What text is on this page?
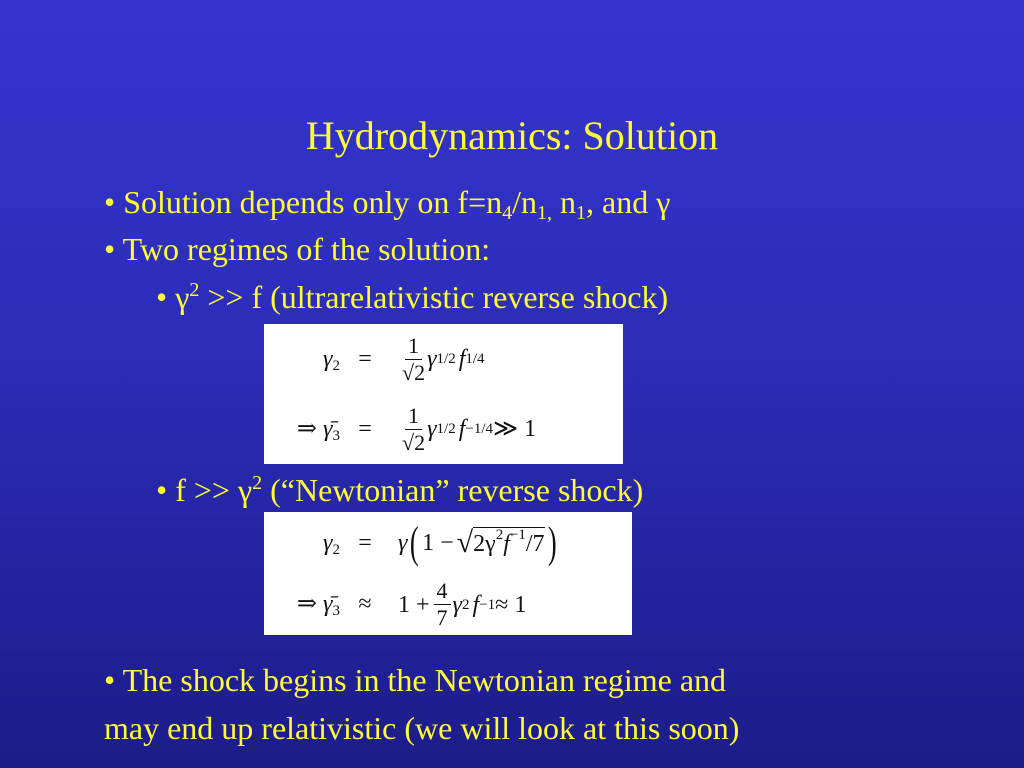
Hydrodynamics: Solution
• Solution depends only on $f=n_4/n_{1,}$ $n_1$, and γ
• Two regimes of the solution:
• $\gamma^2 >> f$ (ultrarelativistic reverse shock)
$\gamma_2$ =	$\frac{1}{√2}$ γ 1/2 f 1/4
⇒ $\gammā_3$ =	$\frac{1}{√2}$ γ 1/2 f −1/4 ≫ 1
• $f >> \gamma^2$ (“Newtonian” reverse shock)
$\gamma_2$ =	γ ( 1 − √ $2\gamma^2f^{-1}/7$ )
⇒ $\gammā_3$ ≈	$1 + \frac{4}{7}$ γ 2 f −1 ≈ 1
• The shock begins in the Newtonian regime and
may end up relativistic (we will look at this soon)
